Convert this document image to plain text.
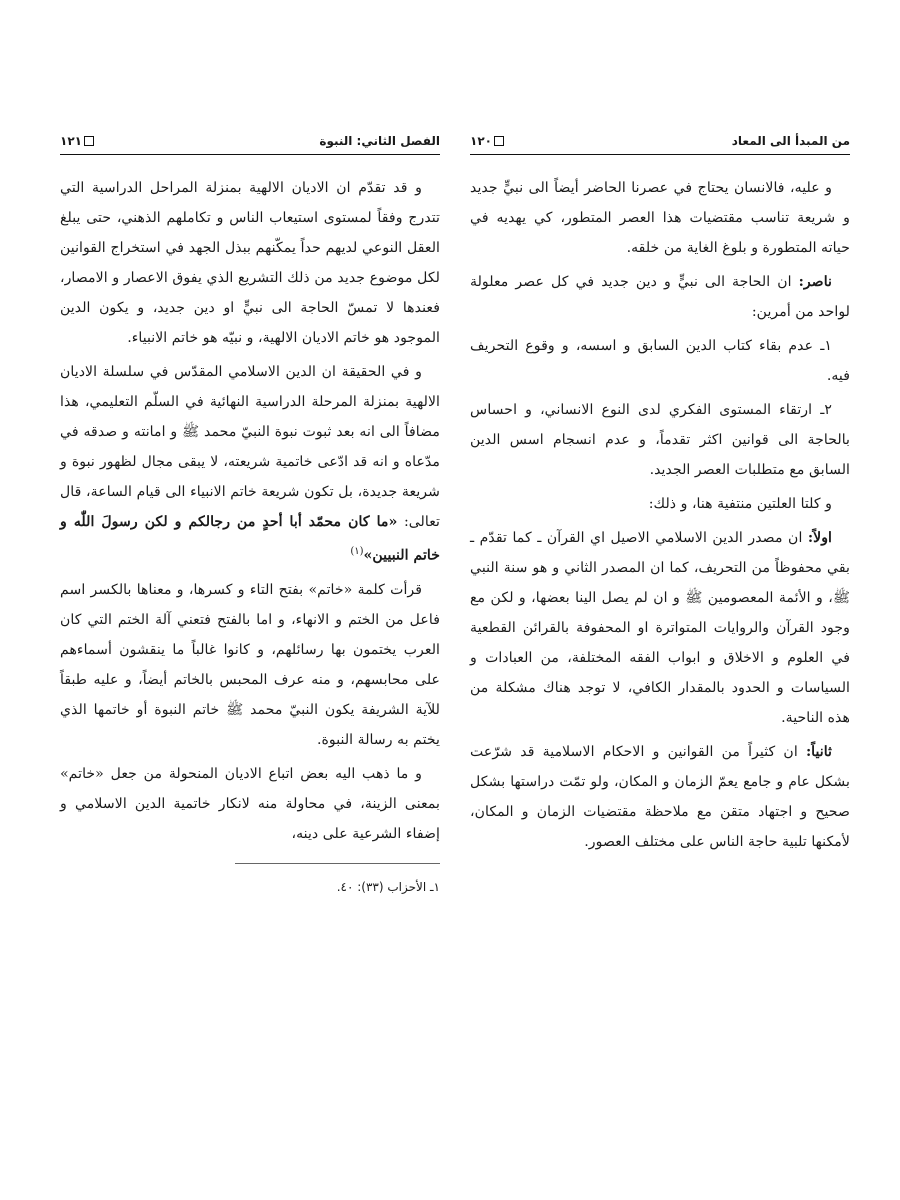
١٢١	الفصل الثاني: النبوة

و قد تقدّم ان الاديان الالهية بمنزلة المراحل الدراسية التي تتدرج وفقاً لمستوى استيعاب الناس و تكاملهم الذهني، حتى يبلغ العقل النوعي لديهم حداً يمكّنهم ببذل الجهد في استخراج القوانين لكل موضوع جديد من ذلك التشريع الذي يفوق الاعصار و الامصار، فعندها لا تمسّ الحاجة الى نبيٍّ او دين جديد، و يكون الدين الموجود هو خاتم الاديان الالهية، و نبيّه هو خاتم الانبياء.

و في الحقيقة ان الدين الاسلامي المقدّس في سلسلة الاديان الالهية بمنزلة المرحلة الدراسية النهائية في السلّم التعليمي، هذا مضافاً الى انه بعد ثبوت نبوة النبيّ محمد ﷺ و امانته و صدقه في مدّعاه و انه قد ادّعى خاتمية شريعته، لا يبقى مجال لظهور نبوة و شريعة جديدة، بل تكون شريعة خاتم الانبياء الى قيام الساعة، قال تعالى: «ما كان محمّد أبا أحدٍ من رجالكم و لكن رسولَ اللّٰه و خاتم النبيين»$^{(١)}$

قرأت كلمة «خاتم» بفتح التاء و كسرها، و معناها بالكسر اسم فاعل من الختم و الانهاء، و اما بالفتح فتعني آلة الختم التي كان العرب يختمون بها رسائلهم، و كانوا غالباً ما ينقشون أسماءهم على محابسهم، و منه عرف المحبس بالخاتم أيضاً، و عليه طبقاً للآية الشريفة يكون النبيّ محمد ﷺ خاتم النبوة أو خاتمها الذي يختم به رسالة النبوة.

و ما ذهب اليه بعض اتباع الاديان المنحولة من جعل «خاتم» بمعنى الزينة، في محاولة منه لانكار خاتمية الدين الاسلامي و إضفاء الشرعية على دينه،

١ـ الأحزاب (٣٣): ٤٠.
١٢٠	من المبدأ الى المعاد

و عليه، فالانسان يحتاج في عصرنا الحاضر أيضاً الى نبيٍّ جديد و شريعة تناسب مقتضيات هذا العصر المتطور، كي يهديه في حياته المتطورة و بلوغ الغاية من خلقه.

ناصر: ان الحاجة الى نبيٍّ و دين جديد في كل عصر معلولة لواحد من أمرين:

١ـ عدم بقاء كتاب الدين السابق و اسسه، و وقوع التحريف فيه.

٢ـ ارتقاء المستوى الفكري لدى النوع الانساني، و احساس بالحاجة الى قوانين اكثر تقدماً، و عدم انسجام اسس الدين السابق مع متطلبات العصر الجديد.

و كلتا العلتين منتفية هنا، و ذلك:

اولاً: ان مصدر الدين الاسلامي الاصيل اي القرآن ـ كما تقدّم ـ بقي محفوظاً من التحريف، كما ان المصدر الثاني و هو سنة النبي ﷺ، و الأئمة المعصومين ﷺ و ان لم يصل الينا بعضها، و لكن مع وجود القرآن والروايات المتواترة او المحفوفة بالقرائن القطعية في العلوم و الاخلاق و ابواب الفقه المختلفة، من العبادات و السياسات و الحدود بالمقدار الكافي، لا توجد هناك مشكلة من هذه الناحية.

ثانياً: ان كثيراً من القوانين و الاحكام الاسلامية قد شرّعت بشكل عام و جامع يعمّ الزمان و المكان، ولو تمّت دراستها بشكل صحيح و اجتهاد متقن مع ملاحظة مقتضيات الزمان و المكان، لأمكنها تلبية حاجة الناس على مختلف العصور.
